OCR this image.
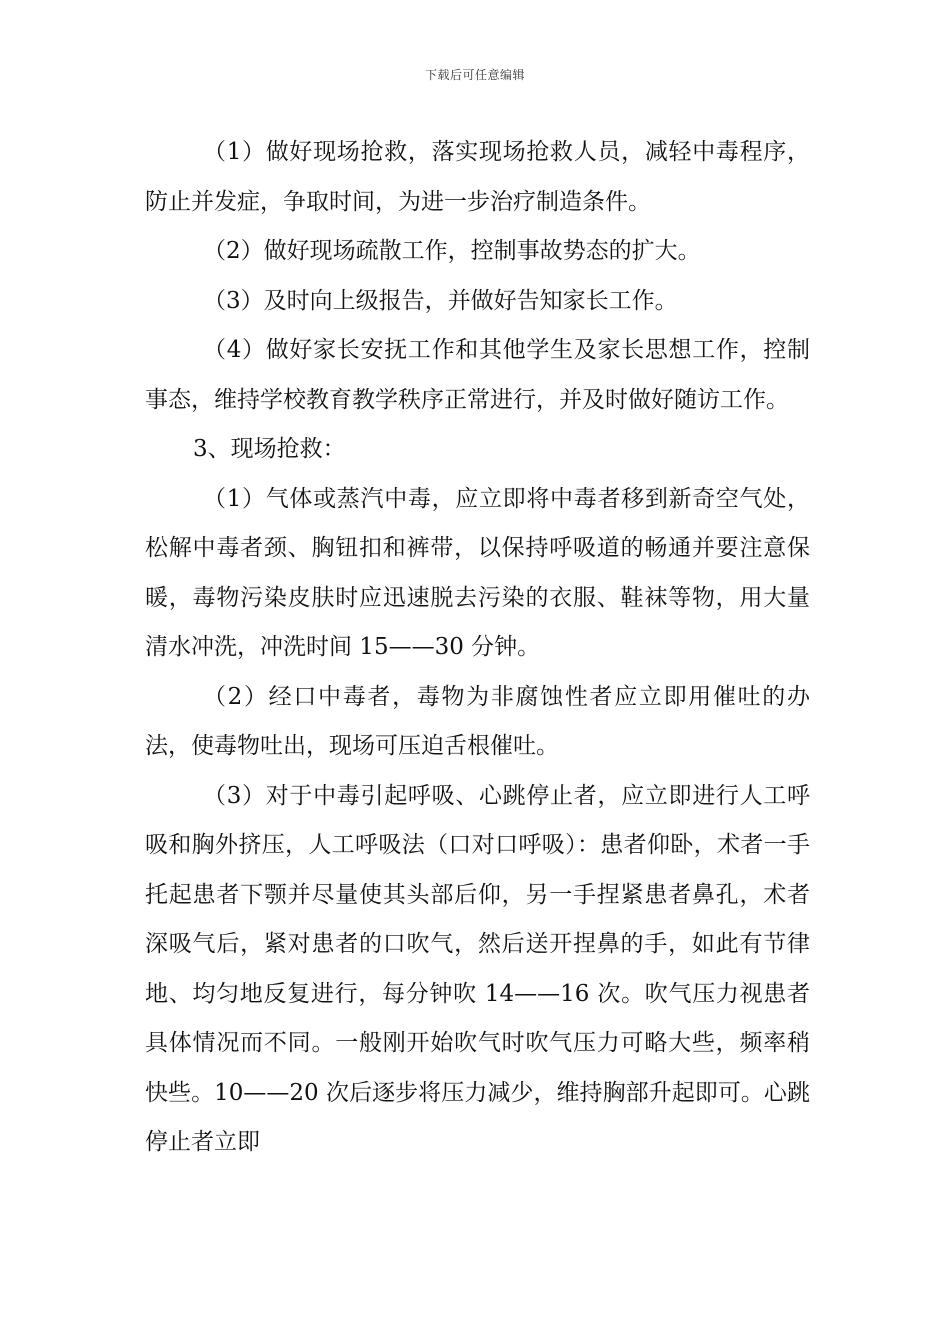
下载后可任意编辑

（1）做好现场抢救，落实现场抢救人员，减轻中毒程序，防止并发症，争取时间，为进一步治疗制造条件。

（2）做好现场疏散工作，控制事故势态的扩大。

（3）及时向上级报告，并做好告知家长工作。

（4）做好家长安抚工作和其他学生及家长思想工作，控制事态，维持学校教育教学秩序正常进行，并及时做好随访工作。

3、现场抢救：

（1）气体或蒸汽中毒，应立即将中毒者移到新奇空气处，松解中毒者颈、胸钮扣和裤带，以保持呼吸道的畅通并要注意保暖，毒物污染皮肤时应迅速脱去污染的衣服、鞋袜等物，用大量清水冲洗，冲洗时间 15——30 分钟。

（2）经口中毒者，毒物为非腐蚀性者应立即用催吐的办法，使毒物吐出，现场可压迫舌根催吐。

（3）对于中毒引起呼吸、心跳停止者，应立即进行人工呼吸和胸外挤压，人工呼吸法（口对口呼吸）：患者仰卧，术者一手托起患者下颚并尽量使其头部后仰，另一手捏紧患者鼻孔，术者深吸气后，紧对患者的口吹气，然后送开捏鼻的手，如此有节律地、均匀地反复进行，每分钟吹 14——16 次。吹气压力视患者具体情况而不同。一般刚开始吹气时吹气压力可略大些，频率稍快些。10——20 次后逐步将压力减少，维持胸部升起即可。心跳停止者立即
